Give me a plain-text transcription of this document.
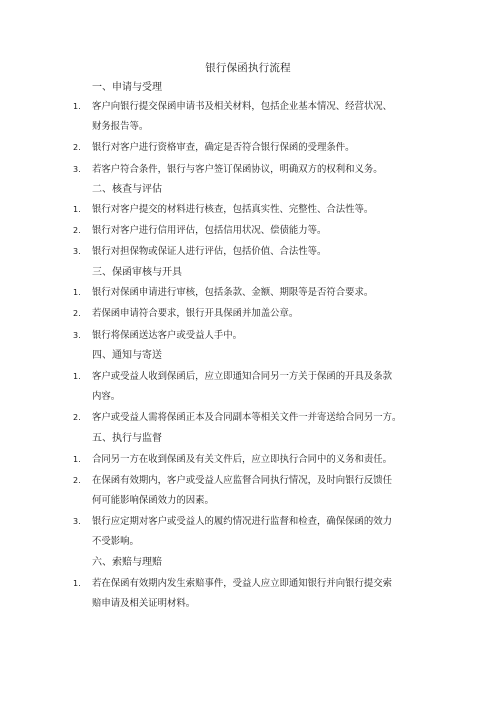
银行保函执行流程
一、申请与受理
1. 客户向银行提交保函申请书及相关材料，包括企业基本情况、经营状况、
财务报告等。
2. 银行对客户进行资格审查，确定是否符合银行保函的受理条件。
3. 若客户符合条件，银行与客户签订保函协议，明确双方的权利和义务。
二、核查与评估
1. 银行对客户提交的材料进行核查，包括真实性、完整性、合法性等。
2. 银行对客户进行信用评估，包括信用状况、偿债能力等。
3. 银行对担保物或保证人进行评估，包括价值、合法性等。
三、保函审核与开具
1. 银行对保函申请进行审核，包括条款、金额、期限等是否符合要求。
2. 若保函申请符合要求，银行开具保函并加盖公章。
3. 银行将保函送达客户或受益人手中。
四、通知与寄送
1. 客户或受益人收到保函后，应立即通知合同另一方关于保函的开具及条款
内容。
2. 客户或受益人需将保函正本及合同副本等相关文件一并寄送给合同另一方。
五、执行与监督
1. 合同另一方在收到保函及有关文件后，应立即执行合同中的义务和责任。
2. 在保函有效期内，客户或受益人应监督合同执行情况，及时向银行反馈任
何可能影响保函效力的因素。
3. 银行应定期对客户或受益人的履约情况进行监督和检查，确保保函的效力
不受影响。
六、索赔与理赔
1. 若在保函有效期内发生索赔事件，受益人应立即通知银行并向银行提交索
赔申请及相关证明材料。
